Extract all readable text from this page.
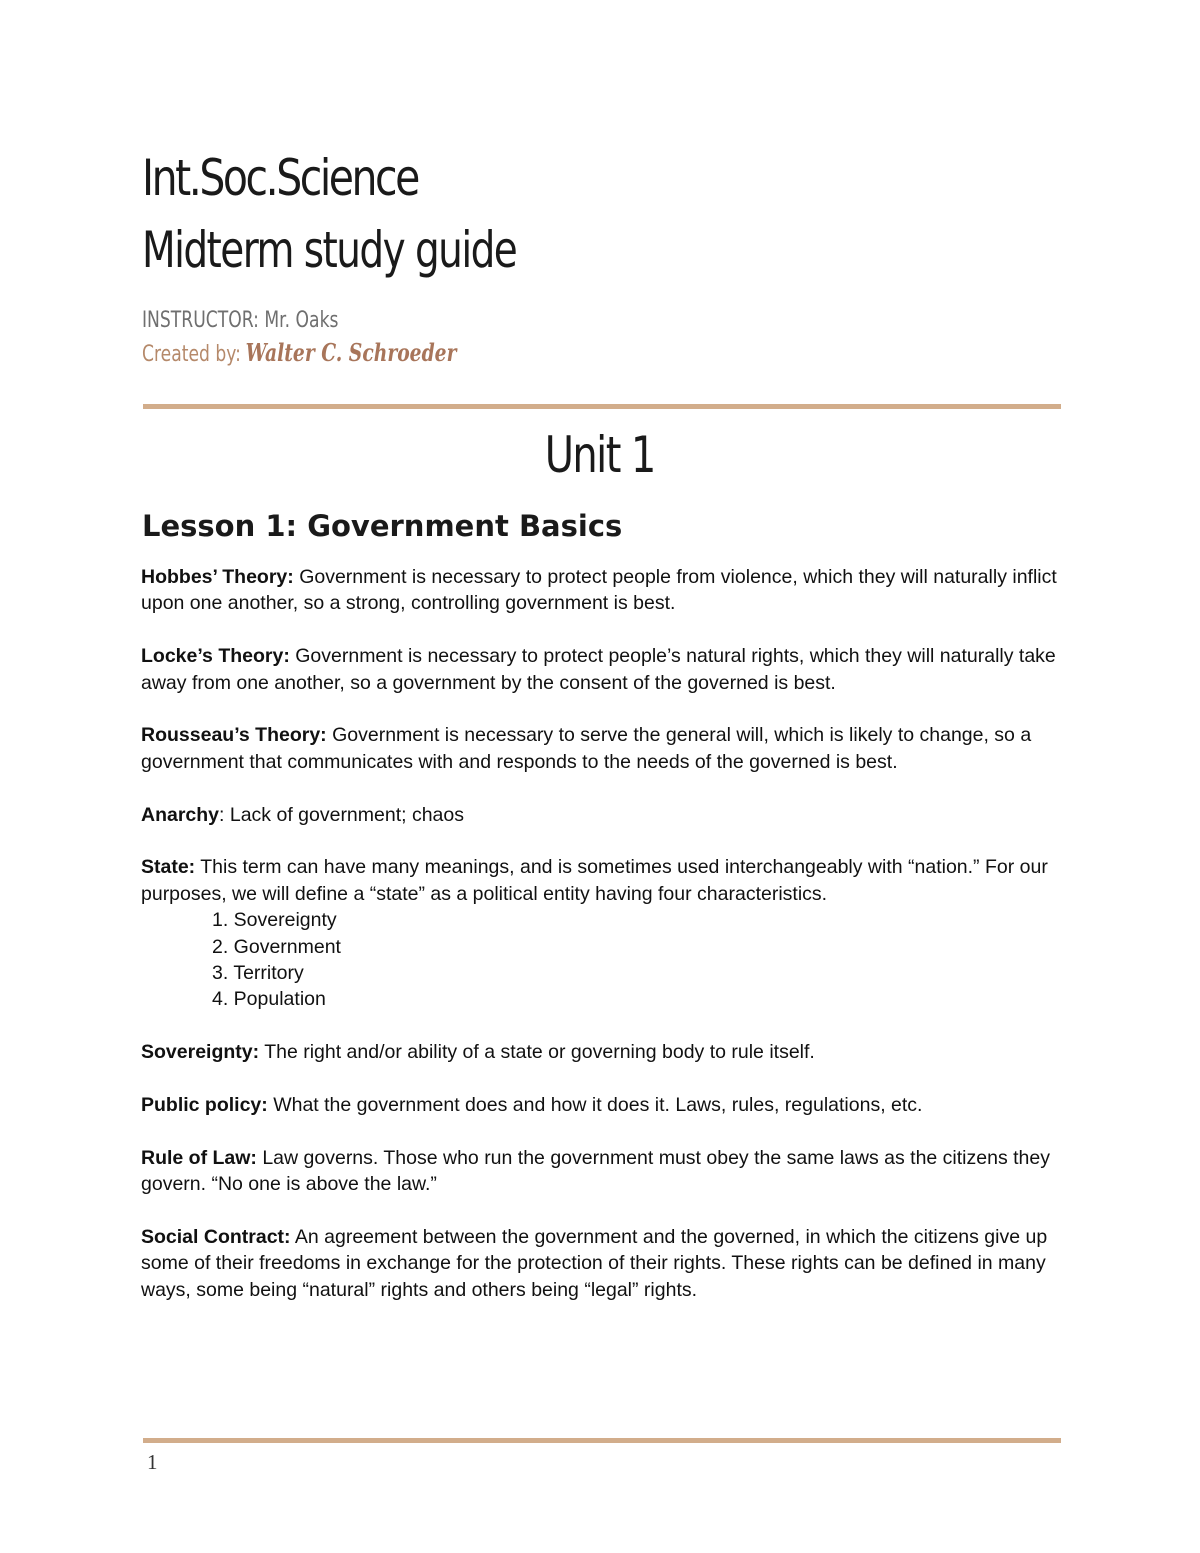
Int.Soc.Science
Midterm study guide
INSTRUCTOR: Mr. Oaks
Created by: Walter C. Schroeder
Unit 1
Lesson 1: Government Basics

Hobbes’ Theory: Government is necessary to protect people from violence, which they will naturally inflict upon one another, so a strong, controlling government is best.

Locke’s Theory: Government is necessary to protect people’s natural rights, which they will naturally take away from one another, so a government by the consent of the governed is best.

Rousseau’s Theory: Government is necessary to serve the general will, which is likely to change, so a government that communicates with and responds to the needs of the governed is best.

Anarchy: Lack of government; chaos

State: This term can have many meanings, and is sometimes used interchangeably with “nation.” For our purposes, we will define a “state” as a political entity having four characteristics.
1. Sovereignty
2. Government
3. Territory
4. Population

Sovereignty: The right and/or ability of a state or governing body to rule itself.

Public policy: What the government does and how it does it. Laws, rules, regulations, etc.

Rule of Law: Law governs. Those who run the government must obey the same laws as the citizens they govern. “No one is above the law.”

Social Contract: An agreement between the government and the governed, in which the citizens give up some of their freedoms in exchange for the protection of their rights. These rights can be defined in many ways, some being “natural” rights and others being “legal” rights.

1
